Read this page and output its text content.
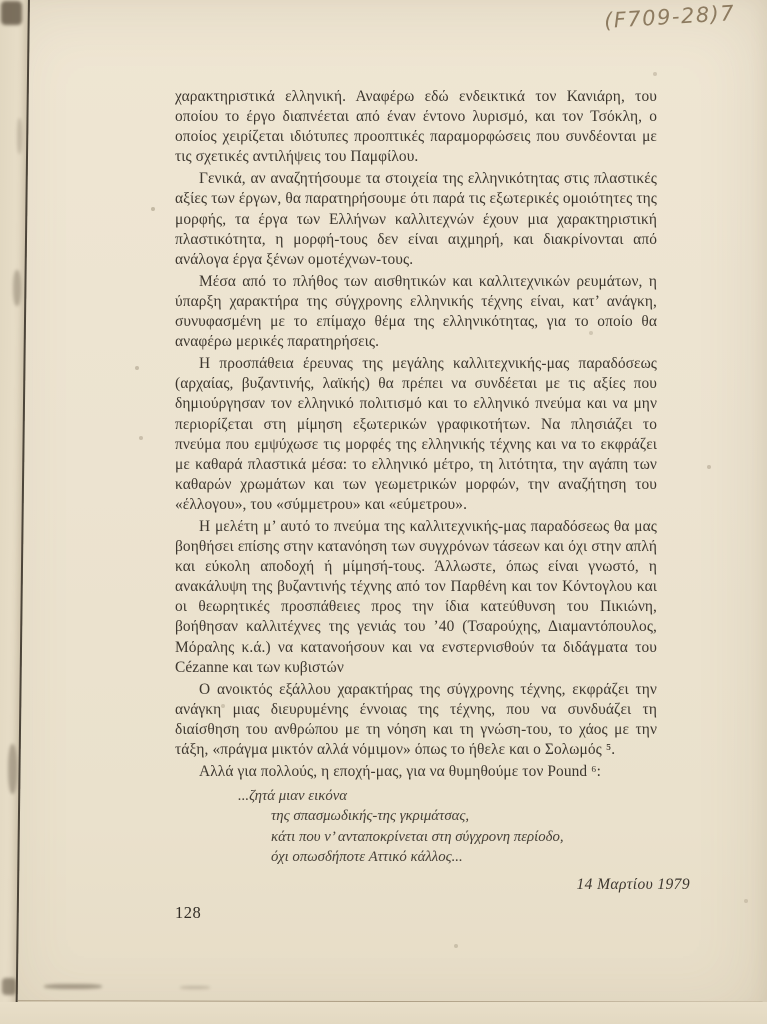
(F709-28)7

χαρακτηριστικά ελληνική. Αναφέρω εδώ ενδεικτικά τον Κανιάρη, του οποίου το έργο διαπνέεται από έναν έντονο λυρισμό, και τον Τσόκλη, ο οποίος χειρίζεται ιδιότυπες προοπτικές παραμορφώσεις που συνδέονται με τις σχετικές αντιλήψεις του Παμφίλου.

Γενικά, αν αναζητήσουμε τα στοιχεία της ελληνικότητας στις πλαστικές αξίες των έργων, θα παρατηρήσουμε ότι παρά τις εξωτερικές ομοιότητες της μορφής, τα έργα των Ελλήνων καλλιτεχνών έχουν μια χαρακτηριστική πλαστικότητα, η μορφή-τους δεν είναι αιχμηρή, και διακρίνονται από ανάλογα έργα ξένων ομοτέχνων-τους.

Μέσα από το πλήθος των αισθητικών και καλλιτεχνικών ρευμάτων, η ύπαρξη χαρακτήρα της σύγχρονης ελληνικής τέχνης είναι, κατ’ ανάγκη, συνυφασμένη με το επίμαχο θέμα της ελληνικότητας, για το οποίο θα αναφέρω μερικές παρατηρήσεις.

Η προσπάθεια έρευνας της μεγάλης καλλιτεχνικής-μας παραδόσεως (αρχαίας, βυζαντινής, λαϊκής) θα πρέπει να συνδέεται με τις αξίες που δημιούργησαν τον ελληνικό πολιτισμό και το ελληνικό πνεύμα και να μην περιορίζεται στη μίμηση εξωτερικών γραφικοτήτων. Να πλησιάζει το πνεύμα που εμψύχωσε τις μορφές της ελληνικής τέχνης και να το εκφράζει με καθαρά πλαστικά μέσα: το ελληνικό μέτρο, τη λιτότητα, την αγάπη των καθαρών χρωμάτων και των γεωμετρικών μορφών, την αναζήτηση του «έλλογου», του «σύμμετρου» και «εύμετρου».

Η μελέτη μ’ αυτό το πνεύμα της καλλιτεχνικής-μας παραδόσεως θα μας βοηθήσει επίσης στην κατανόηση των συγχρόνων τάσεων και όχι στην απλή και εύκολη αποδοχή ή μίμησή-τους. Άλλωστε, όπως είναι γνωστό, η ανακάλυψη της βυζαντινής τέχνης από τον Παρθένη και τον Κόντογλου και οι θεωρητικές προσπάθειες προς την ίδια κατεύθυνση του Πικιώνη, βοήθησαν καλλιτέχνες της γενιάς του ’40 (Τσαρούχης, Διαμαντόπουλος, Μόραλης κ.ά.) να κατανοήσουν και να ενστερνισθούν τα διδάγματα του Cézanne και των κυβιστών

Ο ανοικτός εξάλλου χαρακτήρας της σύγχρονης τέχνης, εκφράζει την ανάγκη μιας διευρυμένης έννοιας της τέχνης, που να συνδυάζει τη διαίσθηση του ανθρώπου με τη νόηση και τη γνώση-του, το χάος με την τάξη, «πράγμα μικτόν αλλά νόμιμον» όπως το ήθελε και ο Σολωμός ⁵.

Αλλά για πολλούς, η εποχή-μας, για να θυμηθούμε τον Pound ⁶:

...ζητά μιαν εικόνα
της σπασμωδικής-της γκριμάτσας,
κάτι που ν’ ανταποκρίνεται στη σύγχρονη περίοδο,
όχι οπωσδήποτε Αττικό κάλλος...
14 Μαρτίου 1979
128
